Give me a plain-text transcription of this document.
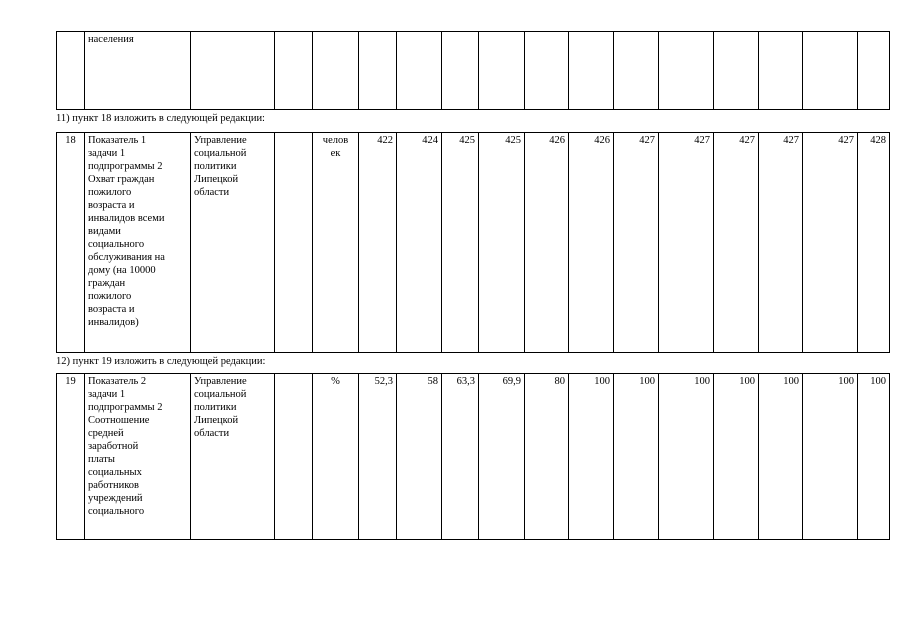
	населения															
11) пункт 18 изложить в следующей редакции:
18	Показатель 1
задачи 1
подпрограммы 2
Охват граждан
пожилого
возраста и
инвалидов всеми
видами
социального
обслуживания на
дому (на 10000
граждан
пожилого
возраста и
инвалидов)	Управление
социальной
политики
Липецкой
области		челов
ек	422	424	425	425	426	426	427	427	427	427	427	428
12) пункт 19 изложить в следующей редакции:
19	Показатель 2
задачи 1
подпрограммы 2
Соотношение
средней
заработной
платы
социальных
работников
учреждений
социального	Управление
социальной
политики
Липецкой
области		%	52,3	58	63,3	69,9	80	100	100	100	100	100	100	100
